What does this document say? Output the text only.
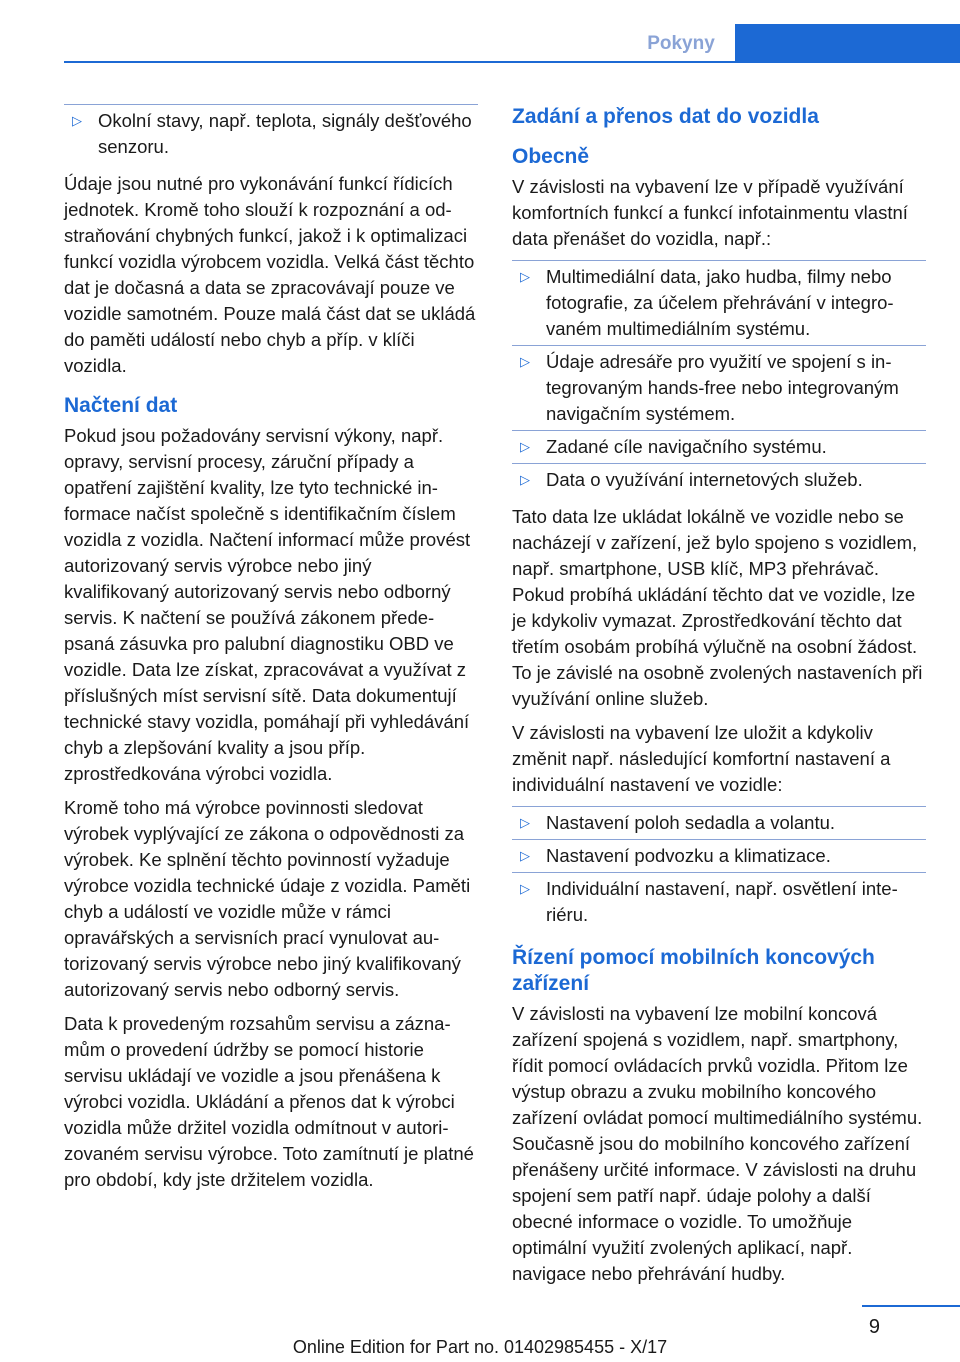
Pokyny
▷ Okolní stavy, např. teplota, signály dešťového senzoru.

Údaje jsou nutné pro vykonávání funkcí řídicích jednotek. Kromě toho slouží k rozpoznání a odstraňování chybných funkcí, jakož i k optimalizaci funkcí vozidla výrobcem vozidla. Velká část těchto dat je dočasná a data se zpracovávají pouze ve vozidle samotném. Pouze malá část dat se ukládá do paměti událostí nebo chyb a příp. v klíči vozidla.

Načtení dat

Pokud jsou požadovány servisní výkony, např. opravy, servisní procesy, záruční případy a opatření zajištění kvality, lze tyto technické informace načíst společně s identifikačním číslem vozidla z vozidla. Načtení informací může provést autorizovaný servis výrobce nebo jiný kvalifikovaný autorizovaný servis nebo odborný servis. K načtení se používá zákonem předepsaná zásuvka pro palubní diagnostiku OBD ve vozidle. Data lze získat, zpracovávat a využívat z příslušných míst servisní sítě. Data dokumentují technické stavy vozidla, pomáhají při vyhledávání chyb a zlepšování kvality a jsou příp. zprostředkována výrobci vozidla.

Kromě toho má výrobce povinnosti sledovat výrobek vyplývající ze zákona o odpovědnosti za výrobek. Ke splnění těchto povinností vyžaduje výrobce vozidla technické údaje z vozidla. Paměti chyb a událostí ve vozidle může v rámci opravářských a servisních prací vynulovat autorizovaný servis výrobce nebo jiný kvalifikovaný autorizovaný servis nebo odborný servis.

Data k provedeným rozsahům servisu a záznamům o provedení údržby se pomocí historie servisu ukládají ve vozidle a jsou přenášena k výrobci vozidla. Ukládání a přenos dat k výrobci vozidla může držitel vozidla odmítnout v autorizovaném servisu výrobce. Toto zamítnutí je platné pro období, kdy jste držitelem vozidla.

Zadání a přenos dat do vozidla
Obecně

V závislosti na vybavení lze v případě využívání komfortních funkcí a funkcí infotainmentu vlastní data přenášet do vozidla, např.:

▷ Multimediální data, jako hudba, filmy nebo fotografie, za účelem přehrávání v integrovaném multimediálním systému.
▷ Údaje adresáře pro využití ve spojení s integrovaným hands-free nebo integrovaným navigačním systémem.
▷ Zadané cíle navigačního systému.
▷ Data o využívání internetových služeb.

Tato data lze ukládat lokálně ve vozidle nebo se nacházejí v zařízení, jež bylo spojeno s vozidlem, např. smartphone, USB klíč, MP3 přehrávač. Pokud probíhá ukládání těchto dat ve vozidle, lze je kdykoliv vymazat. Zprostředkování těchto dat třetím osobám probíhá výlučně na osobní žádost. To je závislé na osobně zvolených nastaveních při využívání online služeb.

V závislosti na vybavení lze uložit a kdykoliv změnit např. následující komfortní nastavení a individuální nastavení ve vozidle:

▷ Nastavení poloh sedadla a volantu.
▷ Nastavení podvozku a klimatizace.
▷ Individuální nastavení, např. osvětlení interiéru.
Řízení pomocí mobilních koncových zařízení

V závislosti na vybavení lze mobilní koncová zařízení spojená s vozidlem, např. smartphony, řídit pomocí ovládacích prvků vozidla. Přitom lze výstup obrazu a zvuku mobilního koncového zařízení ovládat pomocí multimediálního systému. Současně jsou do mobilního koncového zařízení přenášeny určité informace. V závislosti na druhu spojení sem patří např. údaje polohy a další obecné informace o vozidle. To umožňuje optimální využití zvolených aplikací, např. navigace nebo přehrávání hudby.

9
Online Edition for Part no. 01402985455 - X/17
